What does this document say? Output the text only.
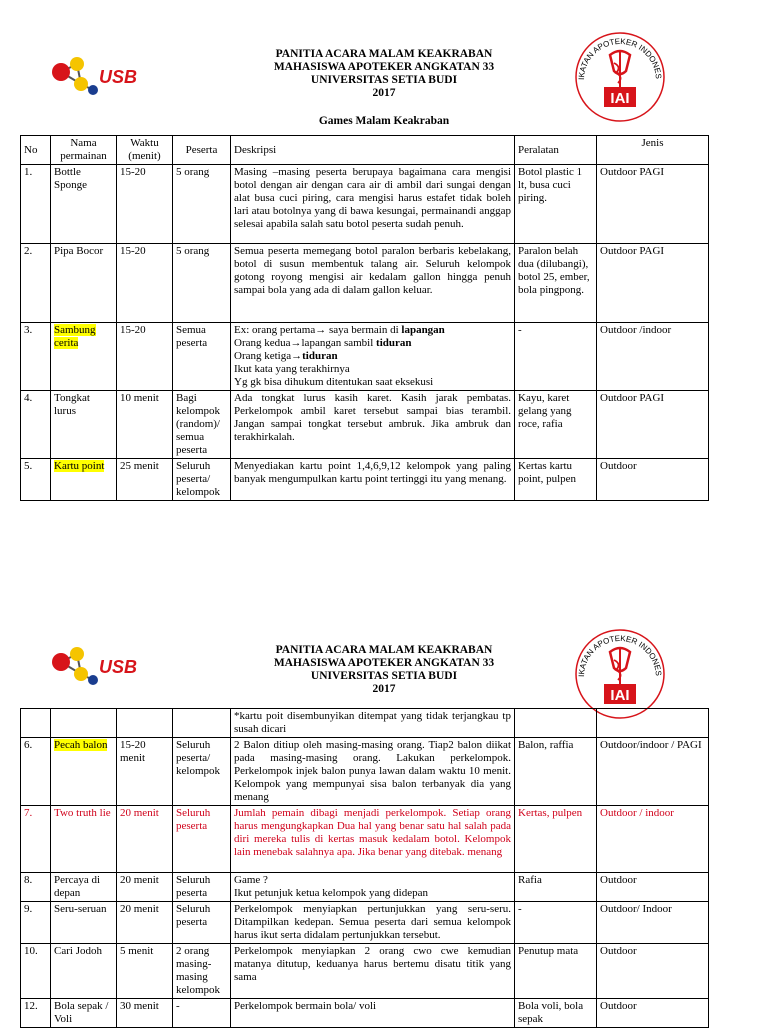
USB
PANITIA ACARA MALAM KEAKRABAN
MAHASISWA APOTEKER ANGKATAN 33
UNIVERSITAS SETIA BUDI
2017
IKATAN APOTEKER INDONES
IAI
Games Malam Keakraban
No	Nama permainan	Waktu (menit)	Peserta	Deskripsi	Peralatan	Jenis
1.	Bottle Sponge	15-20	5 orang	Masing –masing peserta berupaya bagaimana cara mengisi botol dengan air dengan cara air di ambil dari sungai dengan alat busa cuci piring, cara mengisi harus estafet tidak boleh lari atau botolnya yang di bawa kesungai, permainandi anggap selesai apabila salah satu botol peserta sudah penuh.	Botol plastic 1 lt, busa cuci piring.	Outdoor PAGI
2.	Pipa Bocor	15-20	5 orang	Semua peserta memegang botol paralon berbaris kebelakang, botol di susun membentuk talang air. Seluruh kelompok gotong royong mengisi air kedalam gallon hingga penuh sampai bola yang ada di dalam gallon keluar.	Paralon belah dua (dilubangi), botol 25, ember, bola pingpong.	Outdoor PAGI
3.	Sambung cerita	15-20	Semua peserta	Ex: orang pertama→ saya bermain di lapangan
Orang kedua→lapangan sambil tiduran
Orang ketiga→tiduran
Ikut kata yang terakhirnya
Yg gk bisa dihukum ditentukan saat eksekusi	-	Outdoor /indoor
4.	Tongkat lurus	10 menit	Bagi kelompok (random)/ semua peserta	Ada tongkat lurus kasih karet. Kasih jarak pembatas. Perkelompok ambil karet tersebut sampai bias terambil. Jangan sampai tongkat tersebut ambruk. Jika ambruk dan terakhirkalah.	Kayu, karet gelang yang roce, rafia	Outdoor PAGI
5.	Kartu point	25 menit	Seluruh peserta/ kelompok	Menyediakan kartu point 1,4,6,9,12 kelompok yang paling banyak mengumpulkan kartu point tertinggi itu yang menang.	Kertas kartu point, pulpen	Outdoor
USB
PANITIA ACARA MALAM KEAKRABAN
MAHASISWA APOTEKER ANGKATAN 33
UNIVERSITAS SETIA BUDI
2017
IKATAN APOTEKER INDONES
IAI
				*kartu poit disembunyikan ditempat yang tidak terjangkau tp susah dicari		
6.	Pecah balon	15-20 menit	Seluruh peserta/ kelompok	2 Balon ditiup oleh masing-masing orang. Tiap2 balon diikat pada masing-masing orang. Lakukan perkelompok. Perkelompok injek balon punya lawan dalam waktu 10 menit. Kelompok yang mempunyai sisa balon terbanyak dia yang menang	Balon, raffia	Outdoor/indoor / PAGI
7.	Two truth lie	20 menit	Seluruh peserta	Jumlah pemain dibagi menjadi perkelompok. Setiap orang harus mengungkapkan Dua hal yang benar satu hal salah pada diri mereka tulis di kertas masuk kedalam botol. Kelompok lain menebak salahnya apa. Jika benar yang ditebak. menang	Kertas, pulpen	Outdoor / indoor
8.	Percaya di depan	20 menit	Seluruh peserta	Game ?
Ikut petunjuk ketua kelompok yang didepan	Rafia	Outdoor
9.	Seru-seruan	20 menit	Seluruh peserta	Perkelompok menyiapkan pertunjukkan yang seru-seru. Ditampilkan kedepan. Semua peserta dari semua kelompok harus ikut serta didalam pertunjukkan tersebut.	-	Outdoor/ Indoor
10.	Cari Jodoh	5 menit	2 orang masing-masing kelompok	Perkelompok menyiapkan 2 orang cwo cwe kemudian matanya ditutup, keduanya harus bertemu disatu titik yang sama	Penutup mata	Outdoor
12.	Bola sepak / Voli	30 menit	-	Perkelompok bermain bola/ voli	Bola voli, bola sepak	Outdoor
